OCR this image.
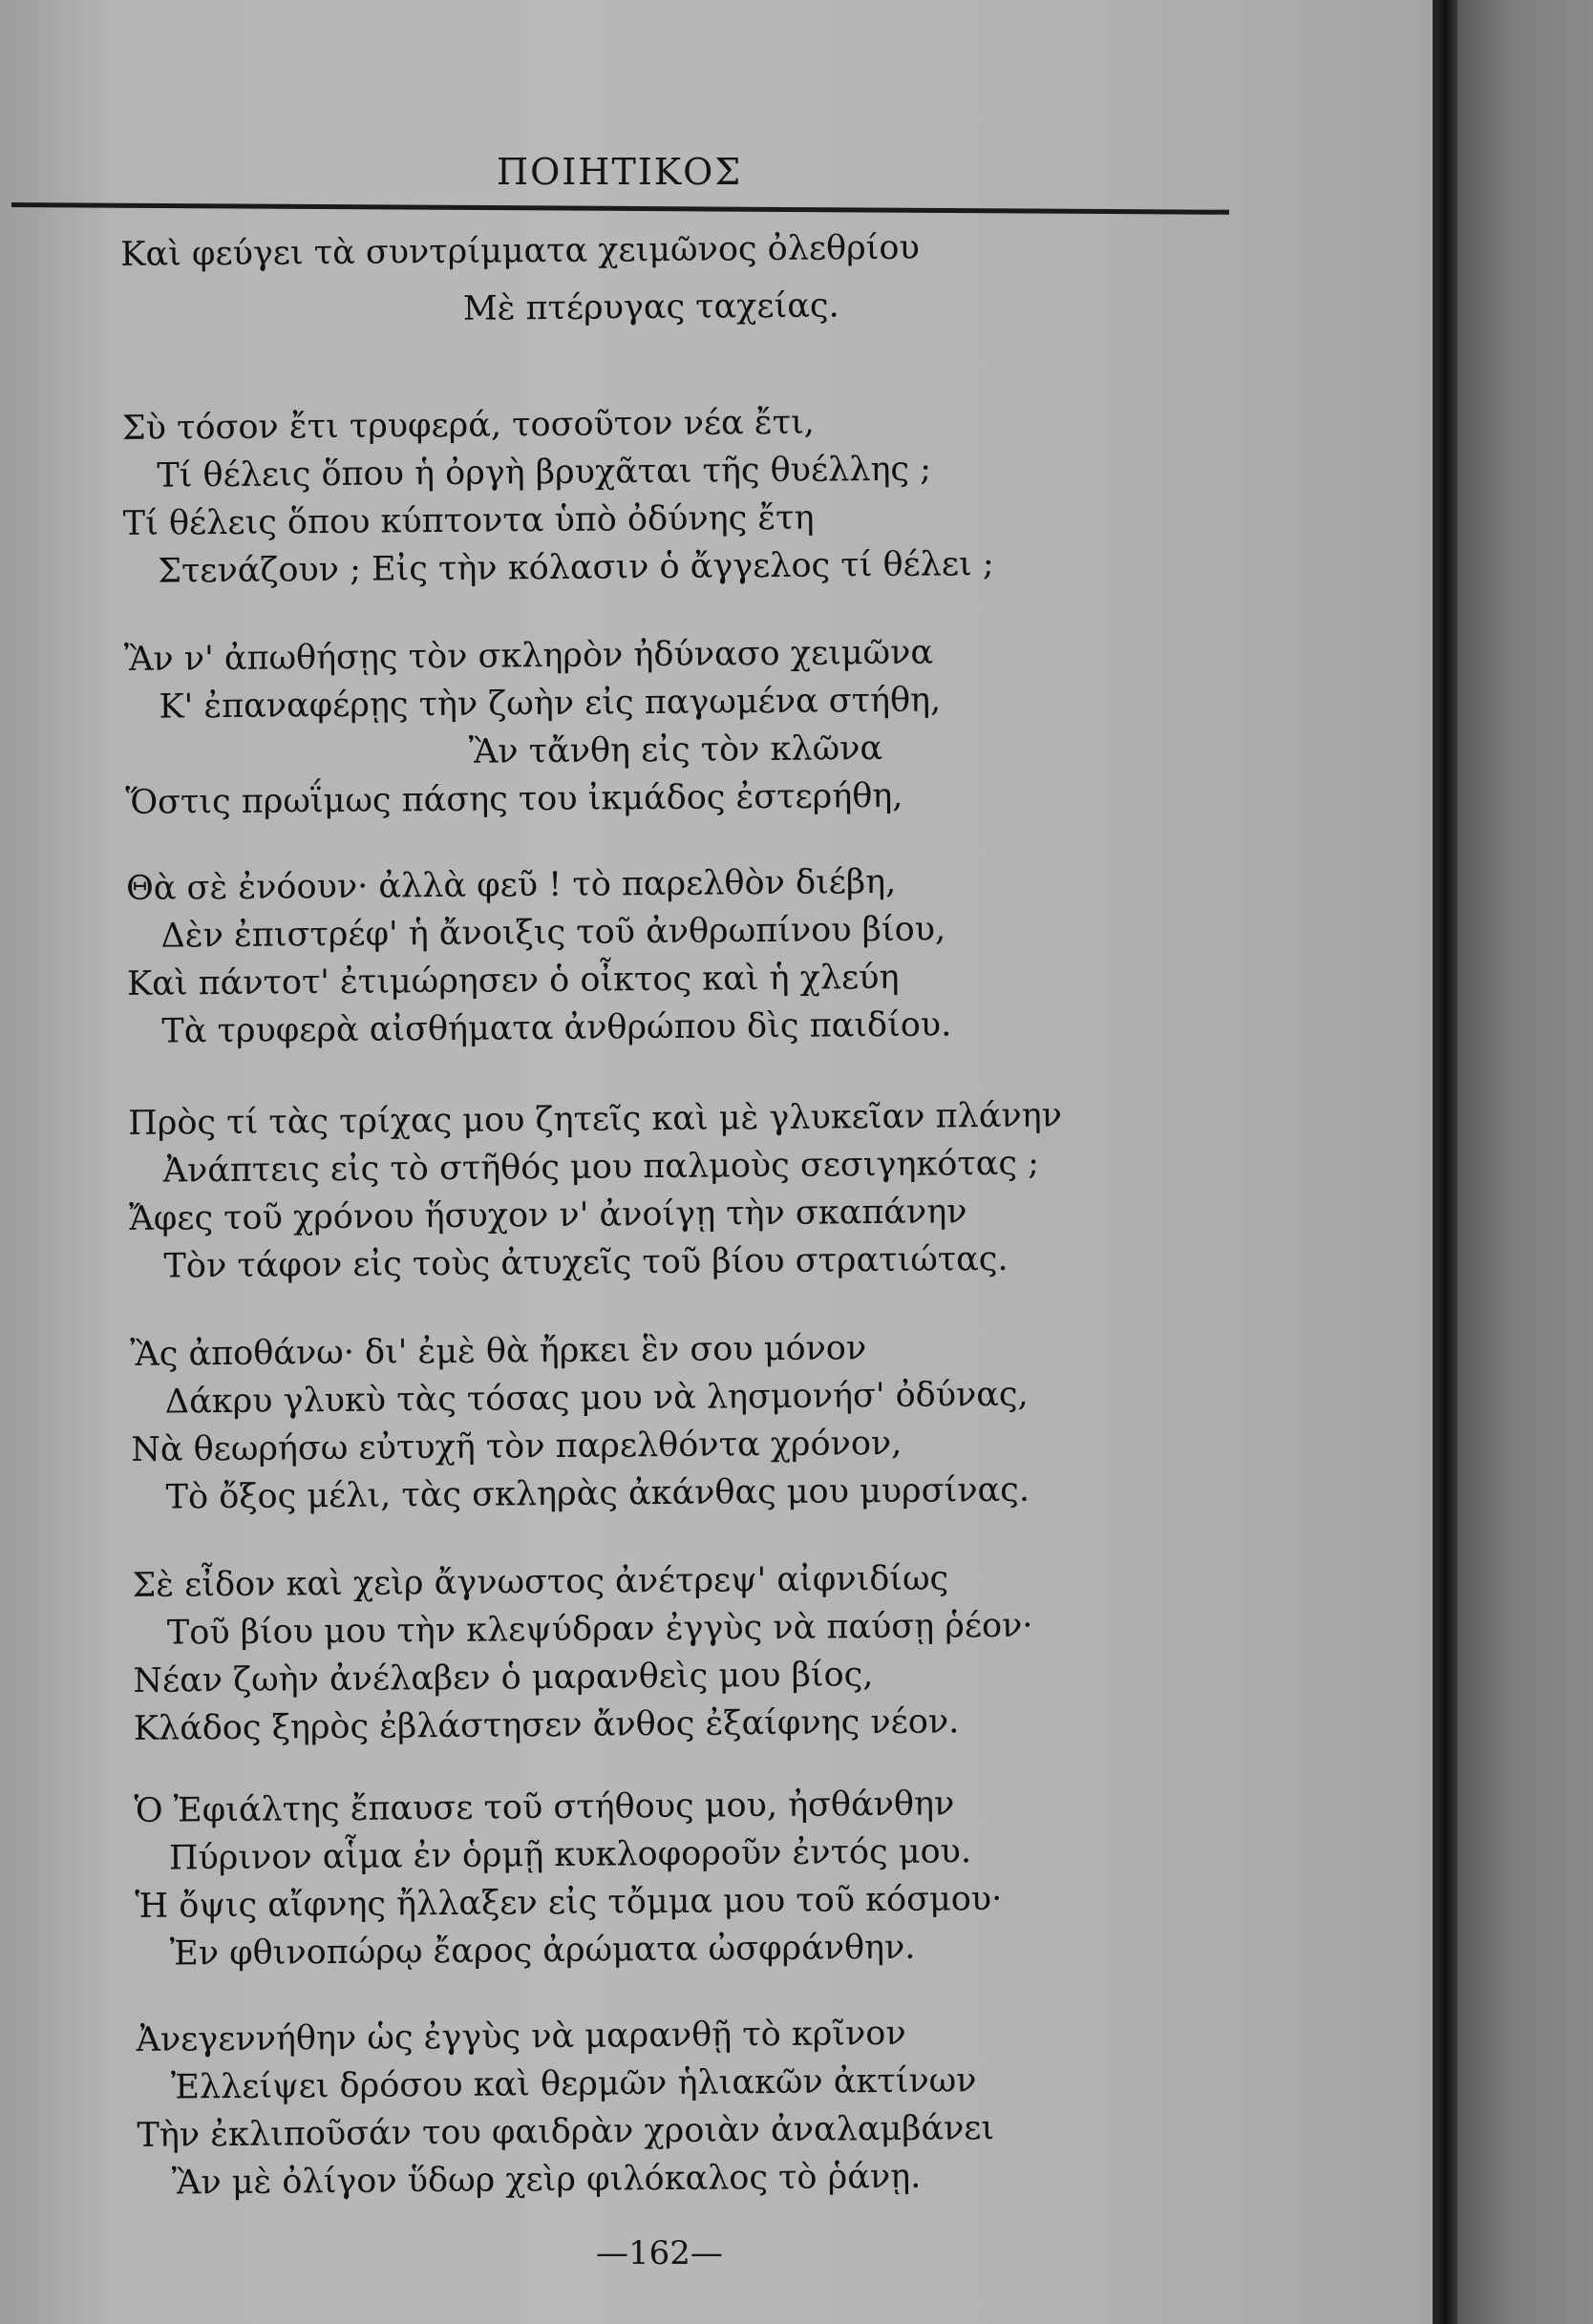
ΠΟΙΗΤΙΚΟΣ
Καὶ φεύγει τὰ συντρίμματα χειμῶνος ὀλεθρίου
Μὲ πτέρυγας ταχείας.
Σὺ τόσον ἔτι τρυφερά, τοσοῦτον νέα ἔτι,
Τί θέλεις ὅπου ἡ ὀργὴ βρυχᾶται τῆς θυέλλης ;
Τί θέλεις ὅπου κύπτοντα ὑπὸ ὀδύνης ἔτη
Στενάζουν ; Εἰς τὴν κόλασιν ὁ ἄγγελος τί θέλει ;
Ἂν ν' ἀπωθήσῃς τὸν σκληρὸν ἠδύνασο χειμῶνα
Κ' ἐπαναφέρῃς τὴν ζωὴν εἰς παγωμένα στήθη,
Ἂν τἄνθη εἰς τὸν κλῶνα
Ὅστις πρωΐμως πάσης του ἰκμάδος ἐστερήθη,
Θὰ σὲ ἐνόουν· ἀλλὰ φεῦ ! τὸ παρελθὸν διέβη,
Δὲν ἐπιστρέφ' ἡ ἄνοιξις τοῦ ἀνθρωπίνου βίου,
Καὶ πάντοτ' ἐτιμώρησεν ὁ οἶκτος καὶ ἡ χλεύη
Τὰ τρυφερὰ αἰσθήματα ἀνθρώπου δὶς παιδίου.
Πρὸς τί τὰς τρίχας μου ζητεῖς καὶ μὲ γλυκεῖαν πλάνην
Ἀνάπτεις εἰς τὸ στῆθός μου παλμοὺς σεσιγηκότας ;
Ἄφες τοῦ χρόνου ἥσυχον ν' ἀνοίγῃ τὴν σκαπάνην
Τὸν τάφον εἰς τοὺς ἀτυχεῖς τοῦ βίου στρατιώτας.
Ἂς ἀποθάνω· δι' ἐμὲ θὰ ἤρκει ἓν σου μόνον
Δάκρυ γλυκὺ τὰς τόσας μου νὰ λησμονήσ' ὀδύνας,
Νὰ θεωρήσω εὐτυχῆ τὸν παρελθόντα χρόνον,
Τὸ ὄξος μέλι, τὰς σκληρὰς ἀκάνθας μου μυρσίνας.
Σὲ εἶδον καὶ χεὶρ ἄγνωστος ἀνέτρεψ' αἰφνιδίως
Τοῦ βίου μου τὴν κλεψύδραν ἐγγὺς νὰ παύσῃ ῥέον·
Νέαν ζωὴν ἀνέλαβεν ὁ μαρανθεὶς μου βίος,
Κλάδος ξηρὸς ἐβλάστησεν ἄνθος ἐξαίφνης νέον.
Ὁ Ἐφιάλτης ἔπαυσε τοῦ στήθους μου, ἠσθάνθην
Πύρινον αἷμα ἐν ὁρμῇ κυκλοφοροῦν ἐντός μου.
Ἡ ὄψις αἴφνης ἤλλαξεν εἰς τὄμμα μου τοῦ κόσμου·
Ἐν φθινοπώρῳ ἔαρος ἀρώματα ὠσφράνθην.
Ἀνεγεννήθην ὡς ἐγγὺς νὰ μαρανθῇ τὸ κρῖνον
Ἐλλείψει δρόσου καὶ θερμῶν ἡλιακῶν ἀκτίνων
Τὴν ἐκλιποῦσάν του φαιδρὰν χροιὰν ἀναλαμβάνει
Ἂν μὲ ὀλίγον ὕδωρ χεὶρ φιλόκαλος τὸ ῥάνῃ.
—162—
